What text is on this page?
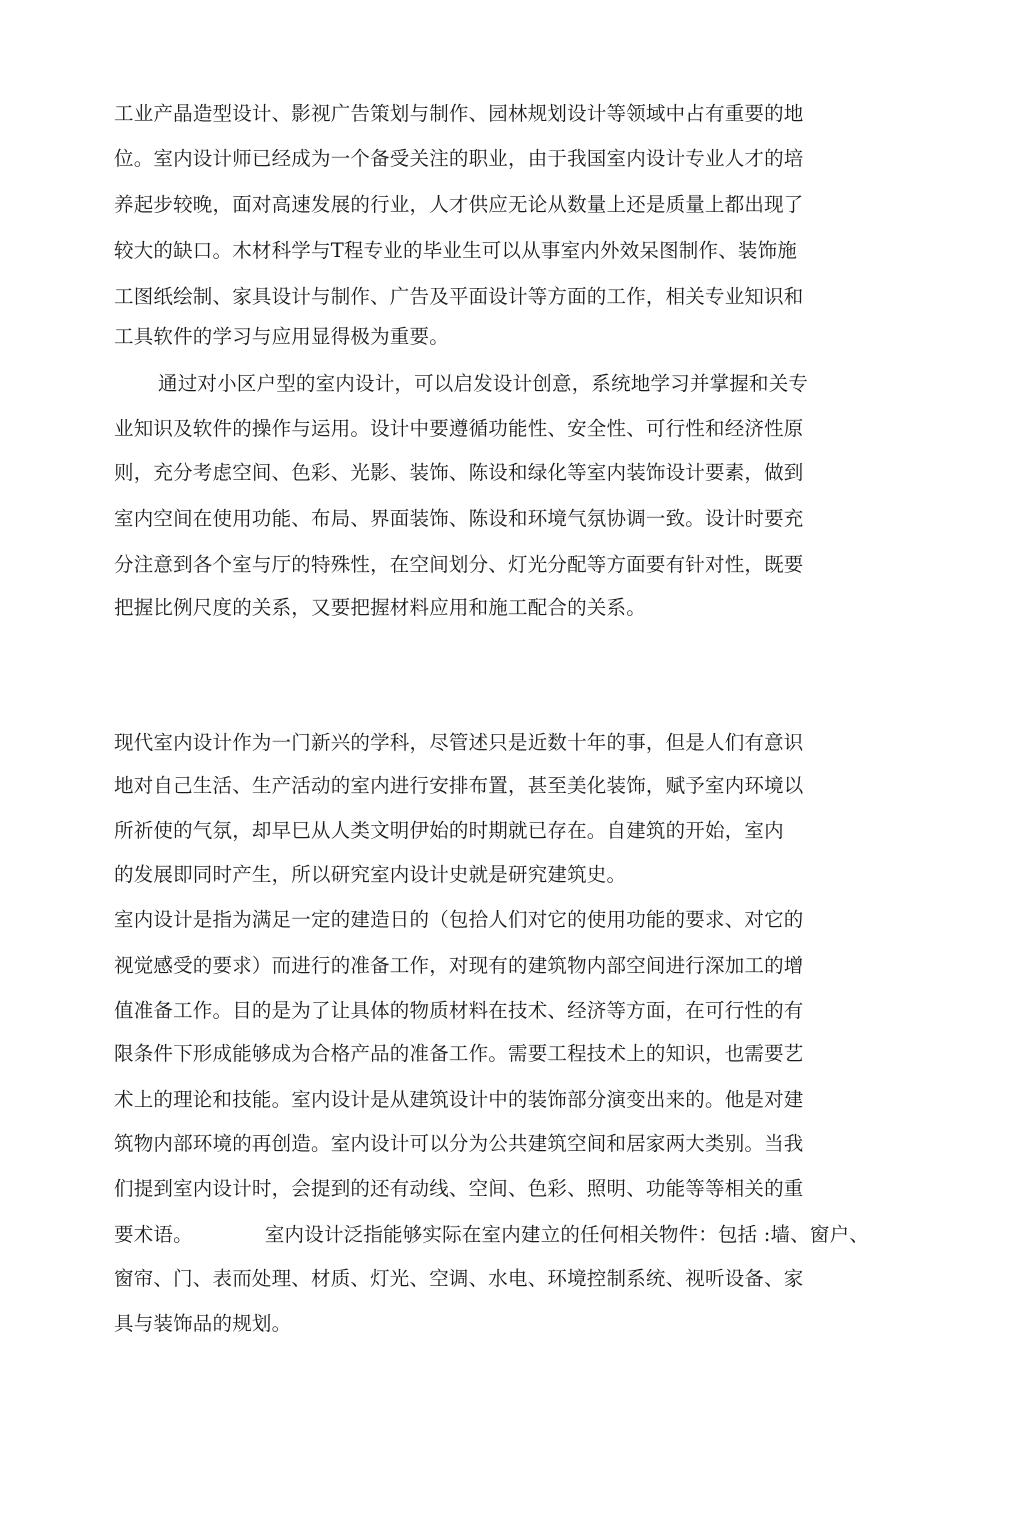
工业产晶造型设计、影视广告策划与制作、园林规划设计等领域中占有重要的地
位。室内设计师已经成为一个备受关注的职业，由于我国室内设计专业人才的培
养起步较晚，面对高速发展的行业，人才供应无论从数量上还是质量上都出现了
较大的缺口。木材科学与T程专业的毕业生可以从事室内外效呆图制作、装饰施
工图纸绘制、家具设计与制作、广告及平面设计等方面的工作，相关专业知识和
工具软件的学习与应用显得极为重要。
通过对小区户型的室内设计，可以启发设计创意，系统地学习并掌握和关专
业知识及软件的操作与运用。设计中要遵循功能性、安全性、可行性和经济性原
则，充分考虑空间、色彩、光影、装饰、陈设和绿化等室内装饰设计要素，做到
室内空间在使用功能、布局、界面装饰、陈设和环境气氛协调一致。设计时要充
分注意到各个室与厅的特殊性，在空间划分、灯光分配等方面要有针对性，既要
把握比例尺度的关系，又要把握材料应用和施工配合的关系。
现代室内设计作为一门新兴的学科，尽管述只是近数十年的事，但是人们有意识
地对自己生活、生产活动的室内进行安排布置，甚至美化装饰，赋予室内环境以
所祈使的气氛，却早巳从人类文明伊始的时期就已存在。自建筑的开始，室内
的发展即同时产生，所以研究室内设计史就是研究建筑史。
室内设计是指为满足一定的建造日的（包拾人们对它的使用功能的要求、对它的
视觉感受的要求）而进行的准备工作，对现有的建筑物内部空间进行深加工的增
值准备工作。目的是为了让具体的物质材料在技术、经济等方面，在可行性的有
限条件下形成能够成为合格产品的准备工作。需要工程技术上的知识，也需要艺
术上的理论和技能。室内设计是从建筑设计中的装饰部分演变出来的。他是对建
筑物内部环境的再创造。室内设计可以分为公共建筑空间和居家两大类别。当我
们提到室内设计时，会提到的还有动线、空间、色彩、照明、功能等等相关的重
要术语。	室内设计泛指能够实际在室内建立的任何相关物件：包括 :墙、窗户、
窗帘、门、表而处理、材质、灯光、空调、水电、环境控制系统、视听设备、家
具与装饰品的规划。
